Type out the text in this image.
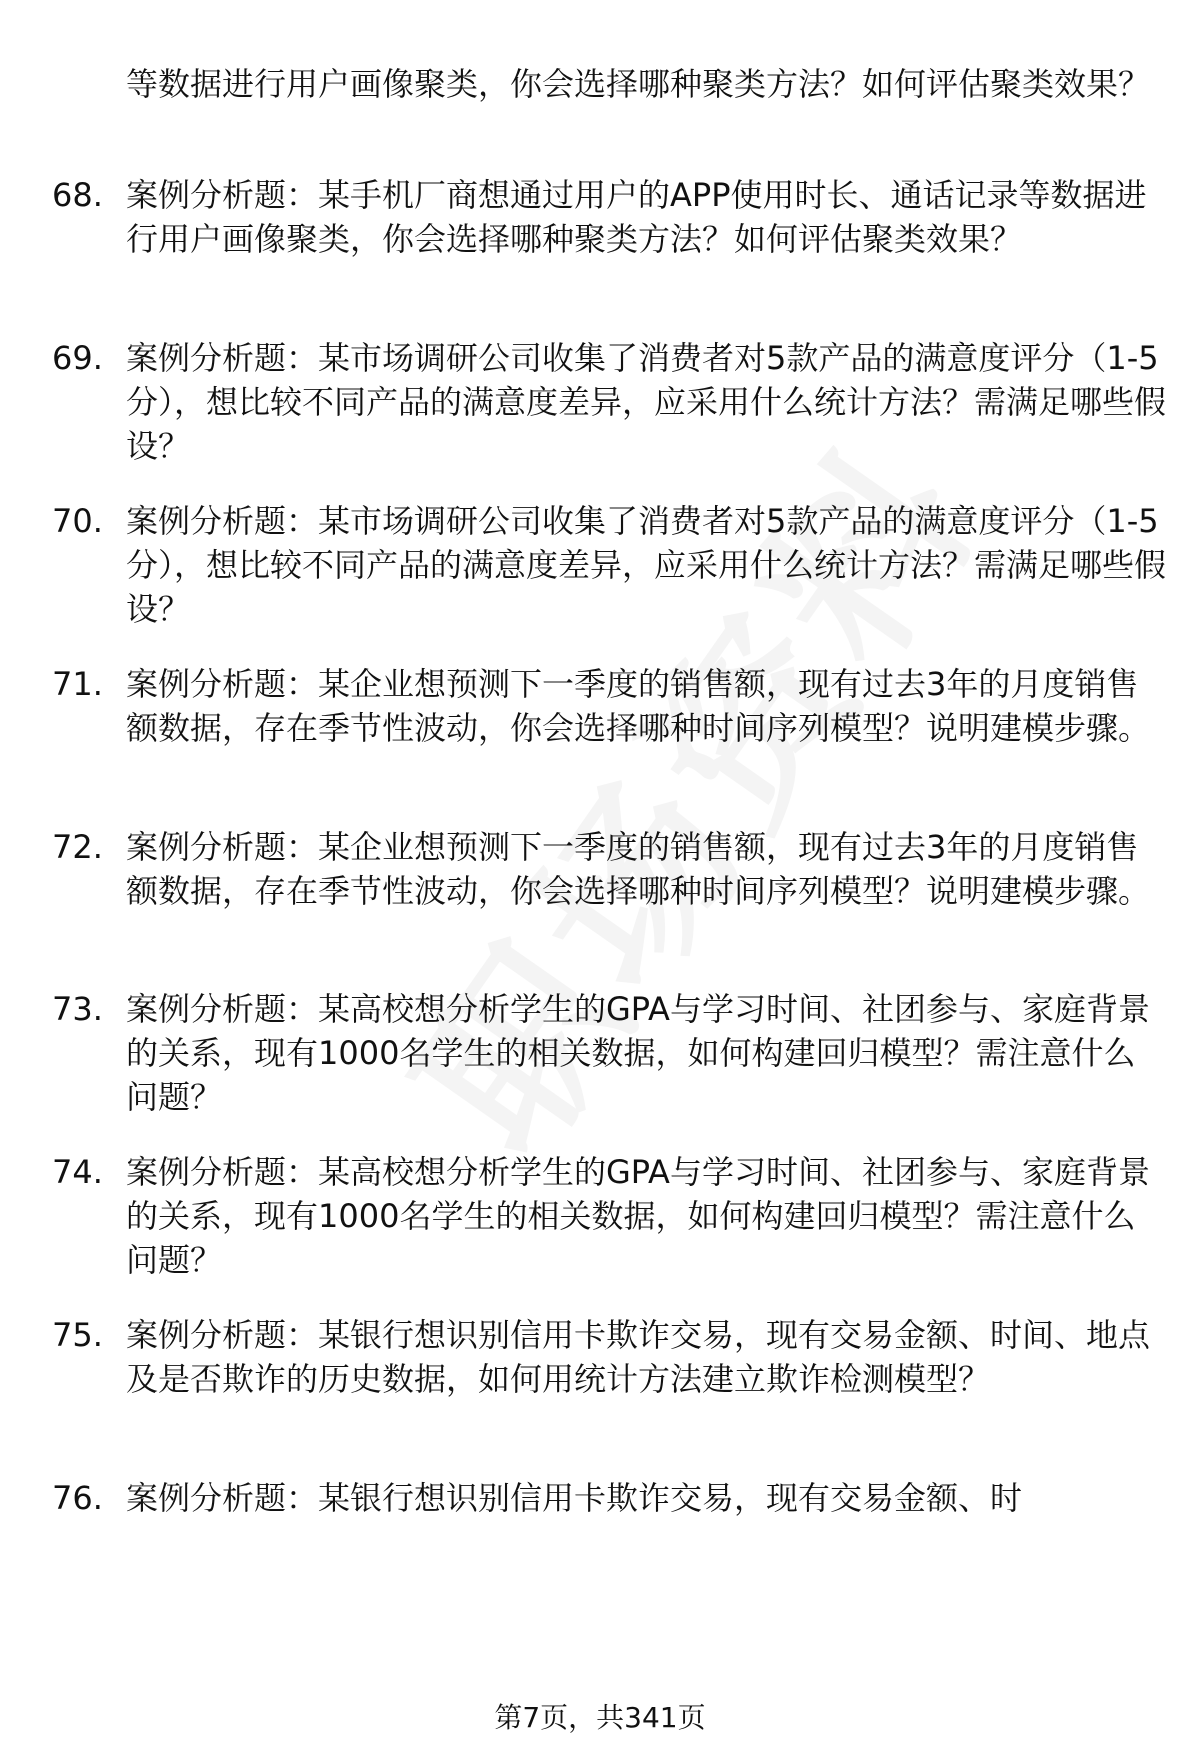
等数据进行用户画像聚类，你会选择哪种聚类方法？如何评估聚类效果？
68. 案例分析题：某手机厂商想通过用户的APP使用时长、通话记录等数据进行用户画像聚类，你会选择哪种聚类方法？如何评估聚类效果？
69. 案例分析题：某市场调研公司收集了消费者对5款产品的满意度评分（1-5分），想比较不同产品的满意度差异，应采用什么统计方法？需满足哪些假设？
70. 案例分析题：某市场调研公司收集了消费者对5款产品的满意度评分（1-5分），想比较不同产品的满意度差异，应采用什么统计方法？需满足哪些假设？
71. 案例分析题：某企业想预测下一季度的销售额，现有过去3年的月度销售额数据，存在季节性波动，你会选择哪种时间序列模型？说明建模步骤。
72. 案例分析题：某企业想预测下一季度的销售额，现有过去3年的月度销售额数据，存在季节性波动，你会选择哪种时间序列模型？说明建模步骤。
73. 案例分析题：某高校想分析学生的GPA与学习时间、社团参与、家庭背景的关系，现有1000名学生的相关数据，如何构建回归模型？需注意什么问题？
74. 案例分析题：某高校想分析学生的GPA与学习时间、社团参与、家庭背景的关系，现有1000名学生的相关数据，如何构建回归模型？需注意什么问题？
75. 案例分析题：某银行想识别信用卡欺诈交易，现有交易金额、时间、地点及是否欺诈的历史数据，如何用统计方法建立欺诈检测模型？
76. 案例分析题：某银行想识别信用卡欺诈交易，现有交易金额、时
第7页，共341页
